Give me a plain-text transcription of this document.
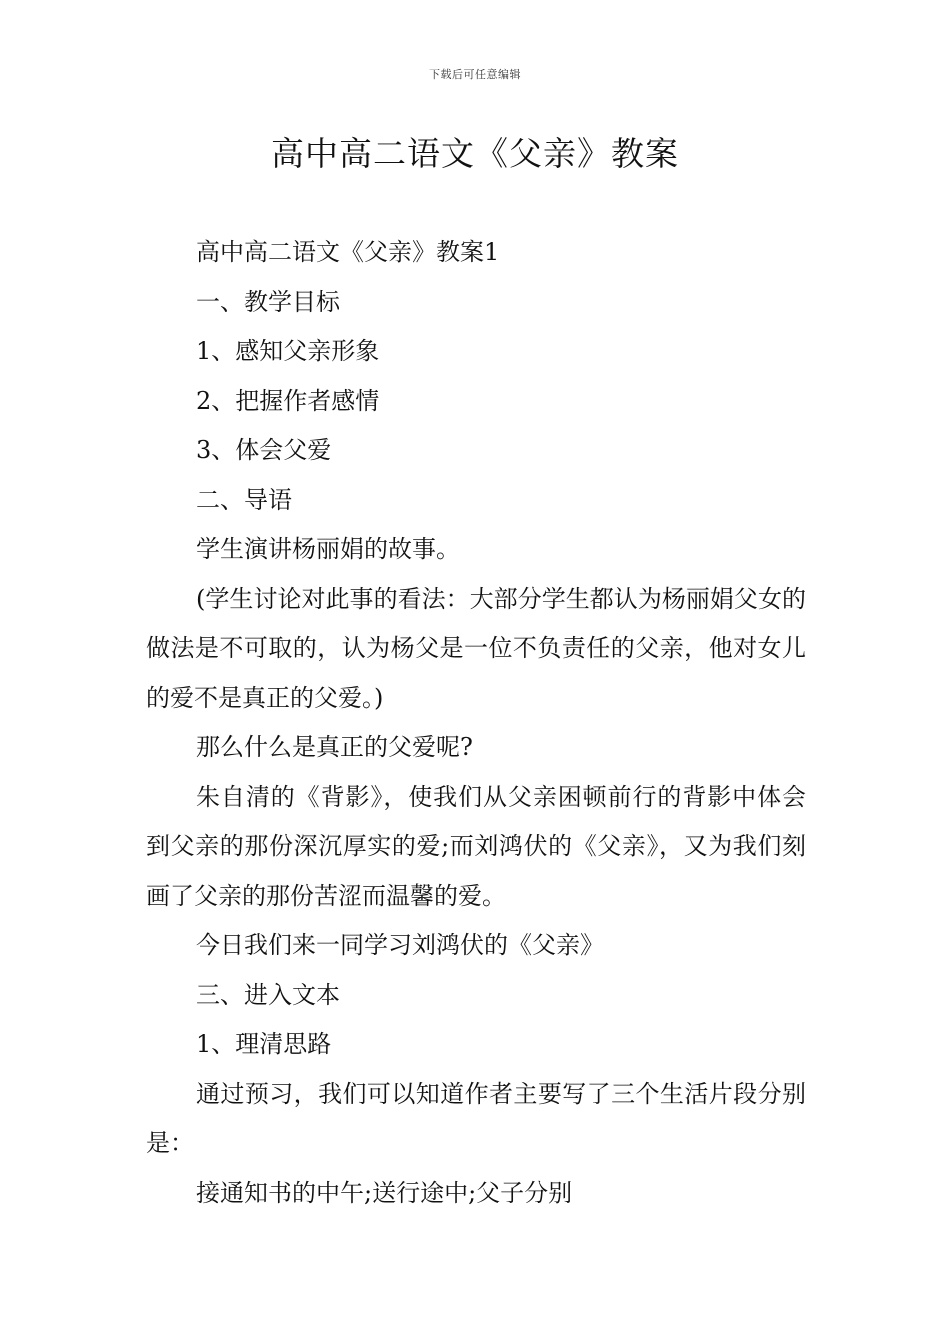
下载后可任意编辑
高中高二语文《父亲》教案

高中高二语文《父亲》教案1

一、教学目标

1、感知父亲形象

2、把握作者感情

3、体会父爱

二、导语

学生演讲杨丽娟的故事。

(学生讨论对此事的看法：大部分学生都认为杨丽娟父女的做法是不可取的，认为杨父是一位不负责任的父亲，他对女儿的爱不是真正的父爱。)

那么什么是真正的父爱呢?

朱自清的《背影》，使我们从父亲困顿前行的背影中体会到父亲的那份深沉厚实的爱;而刘鸿伏的《父亲》，又为我们刻画了父亲的那份苦涩而温馨的爱。

今日我们来一同学习刘鸿伏的《父亲》

三、进入文本

1、理清思路

通过预习，我们可以知道作者主要写了三个生活片段分别是：

接通知书的中午;送行途中;父子分别
